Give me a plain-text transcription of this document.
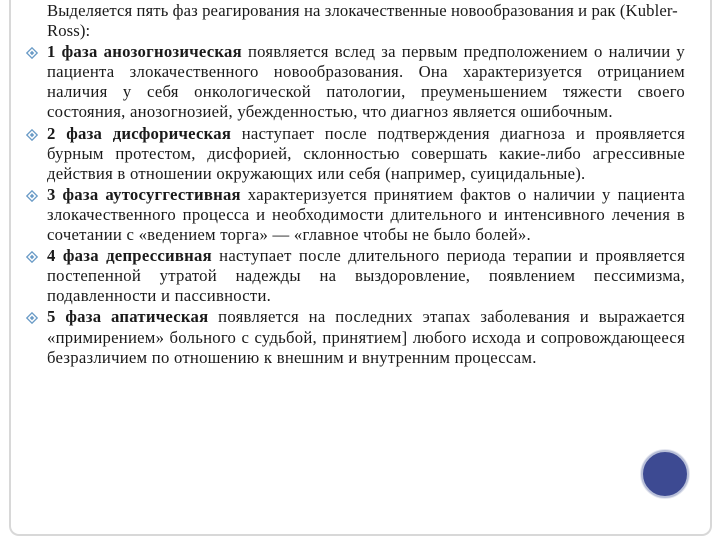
Выделяется пять фаз реагирования на злокачественные новообразования и рак (Kubler-Ross):
1 фаза анозогнозическая появляется вслед за первым предположением о наличии у пациента злокачественного новообразования. Она характеризуется отрицанием наличия у себя онкологической патологии, преуменьшением тяжести своего состояния, анозогнозией, убежденностью, что диагноз является ошибочным.
2 фаза дисфорическая наступает после подтверждения диагноза и проявляется бурным протестом, дисфорией, склонностью совершать какие-либо агрессивные действия в отношении окружающих или себя (например, суицидальные).
3 фаза аутосуггестивная характеризуется принятием фактов о наличии у пациента злокачественного процесса и необходимости длительного и интенсивного лечения в сочетании с «ведением торга» — «главное чтобы не было болей».
4 фаза депрессивная наступает после длительного периода терапии и проявляется постепенной утратой надежды на выздоровление, появлением пессимизма, подавленности и пассивности.
5 фаза апатическая появляется на последних этапах заболевания и выражается «примирением» больного с судьбой, принятием] любого исхода и сопровождающееся безразличием по отношению к внешним и внутренним процессам.
